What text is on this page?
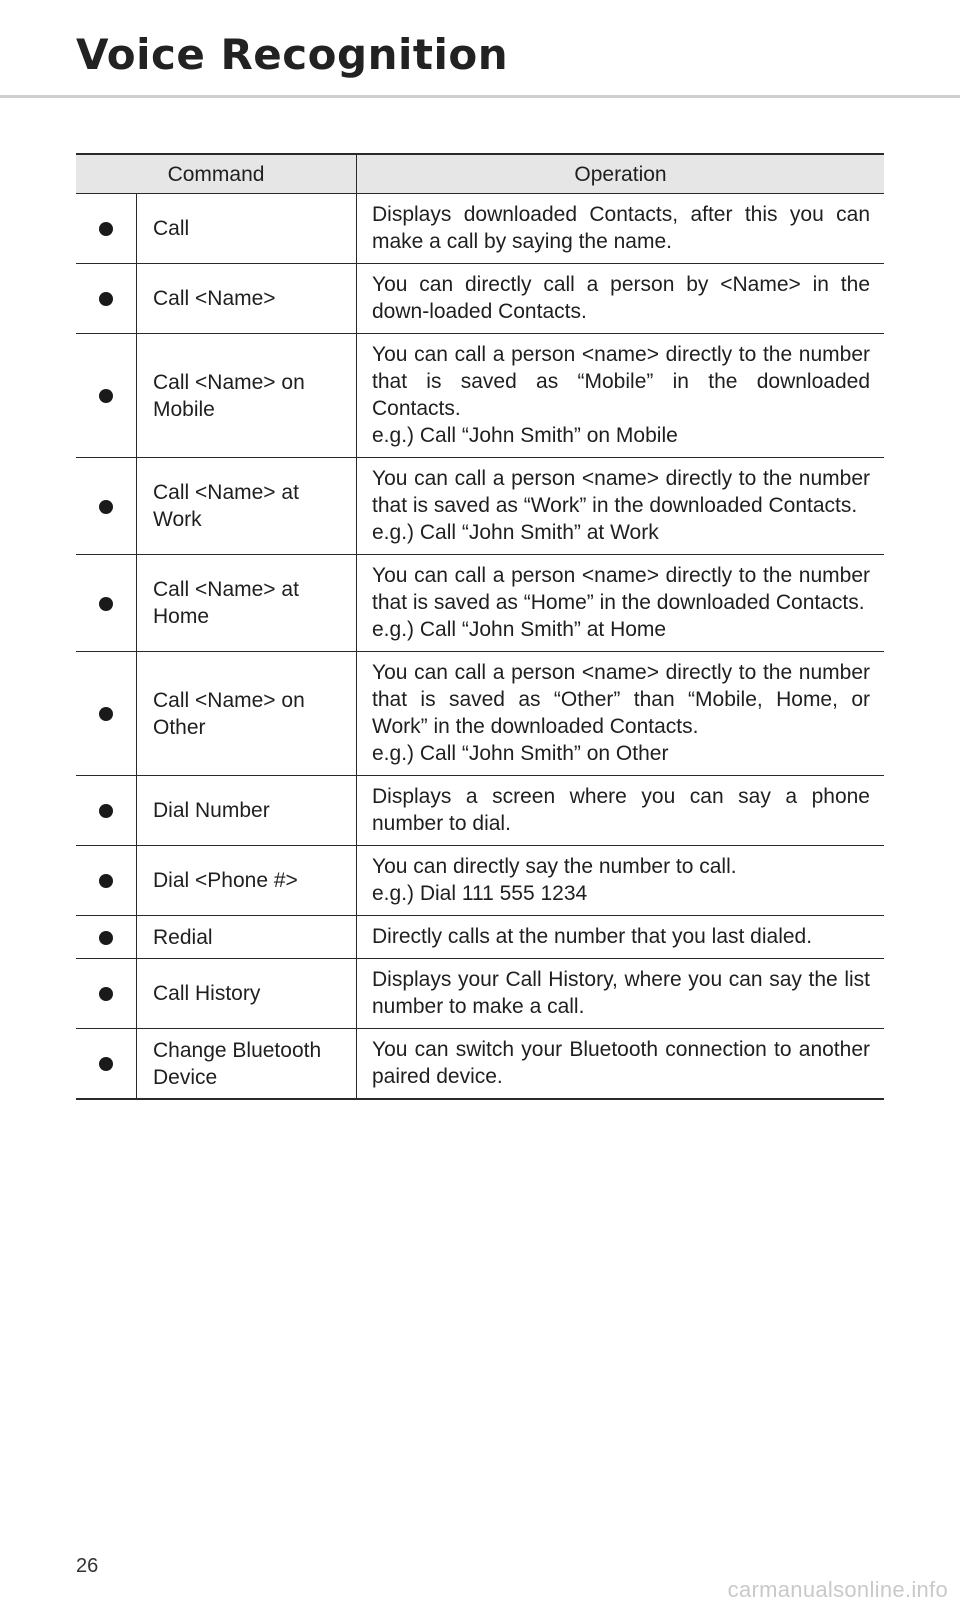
Voice Recognition
Command		Operation
	Call	Displays downloaded Contacts, after this you can make a call by saying the name.

	Call <Name>	You can directly call a person by <Name> in the down-loaded Contacts.

	Call <Name> on Mobile	You can call a person <name> directly to the number that is saved as “Mobile” in the downloaded Contacts.
e.g.) Call “John Smith” on Mobile

	Call <Name> at Work	You can call a person <name> directly to the number that is saved as “Work” in the downloaded Contacts.
e.g.) Call “John Smith” at Work

	Call <Name> at Home	You can call a person <name> directly to the number that is saved as “Home” in the downloaded Contacts.
e.g.) Call “John Smith” at Home

	Call <Name> on Other	You can call a person <name> directly to the number that is saved as “Other” than “Mobile, Home, or Work” in the downloaded Contacts.
e.g.) Call “John Smith” on Other

	Dial Number	Displays a screen where you can say a phone number to dial.

	Dial <Phone #>	You can directly say the number to call.
e.g.) Dial 111 555 1234

	Redial	Directly calls at the number that you last dialed.

	Call History	Displays your Call History, where you can say the list number to make a call.

	Change Bluetooth Device	You can switch your Bluetooth connection to another paired device.
26
carmanualsonline.info
